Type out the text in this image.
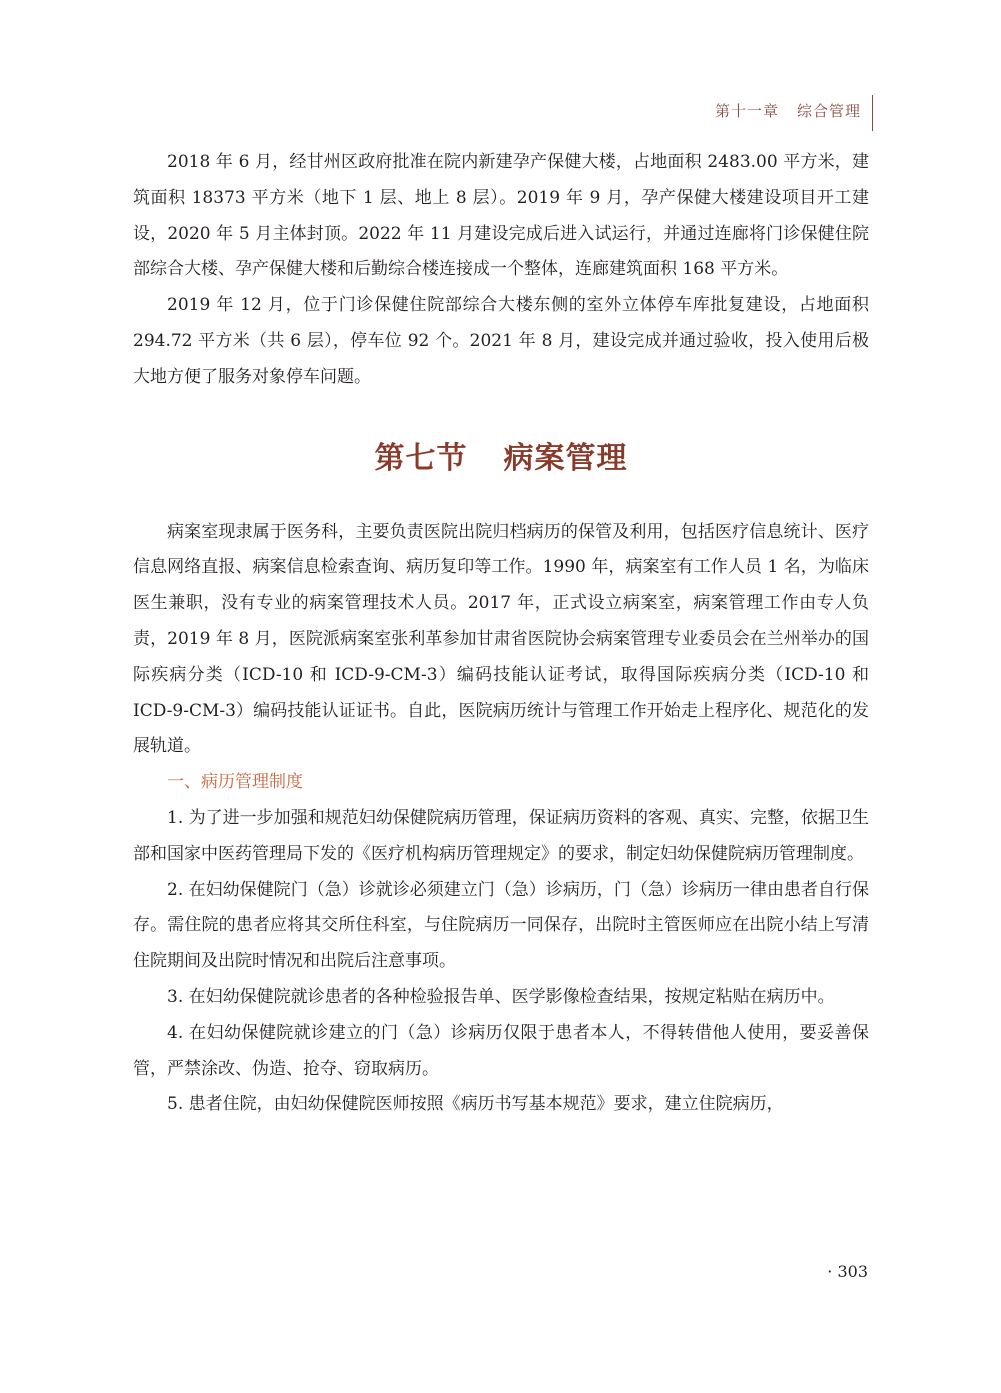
第十一章 综合管理

2018 年 6 月，经甘州区政府批准在院内新建孕产保健大楼，占地面积 2483.00 平方米，建筑面积 18373 平方米（地下 1 层、地上 8 层）。2019 年 9 月，孕产保健大楼建设项目开工建设，2020 年 5 月主体封顶。2022 年 11 月建设完成后进入试运行，并通过连廊将门诊保健住院部综合大楼、孕产保健大楼和后勤综合楼连接成一个整体，连廊建筑面积 168 平方米。

2019 年 12 月，位于门诊保健住院部综合大楼东侧的室外立体停车库批复建设，占地面积 294.72 平方米（共 6 层），停车位 92 个。2021 年 8 月，建设完成并通过验收，投入使用后极大地方便了服务对象停车问题。

第七节 病案管理

病案室现隶属于医务科，主要负责医院出院归档病历的保管及利用，包括医疗信息统计、医疗信息网络直报、病案信息检索查询、病历复印等工作。1990 年，病案室有工作人员 1 名，为临床医生兼职，没有专业的病案管理技术人员。2017 年，正式设立病案室，病案管理工作由专人负责，2019 年 8 月，医院派病案室张利革参加甘肃省医院协会病案管理专业委员会在兰州举办的国际疾病分类（ICD-10 和 ICD-9-CM-3）编码技能认证考试，取得国际疾病分类（ICD-10 和 ICD-9-CM-3）编码技能认证证书。自此，医院病历统计与管理工作开始走上程序化、规范化的发展轨道。

一、病历管理制度

1. 为了进一步加强和规范妇幼保健院病历管理，保证病历资料的客观、真实、完整，依据卫生部和国家中医药管理局下发的《医疗机构病历管理规定》的要求，制定妇幼保健院病历管理制度。

2. 在妇幼保健院门（急）诊就诊必须建立门（急）诊病历，门（急）诊病历一律由患者自行保存。需住院的患者应将其交所住科室，与住院病历一同保存，出院时主管医师应在出院小结上写清住院期间及出院时情况和出院后注意事项。

3. 在妇幼保健院就诊患者的各种检验报告单、医学影像检查结果，按规定粘贴在病历中。

4. 在妇幼保健院就诊建立的门（急）诊病历仅限于患者本人，不得转借他人使用，要妥善保管，严禁涂改、伪造、抢夺、窃取病历。

5. 患者住院，由妇幼保健院医师按照《病历书写基本规范》要求，建立住院病历，

· 303
